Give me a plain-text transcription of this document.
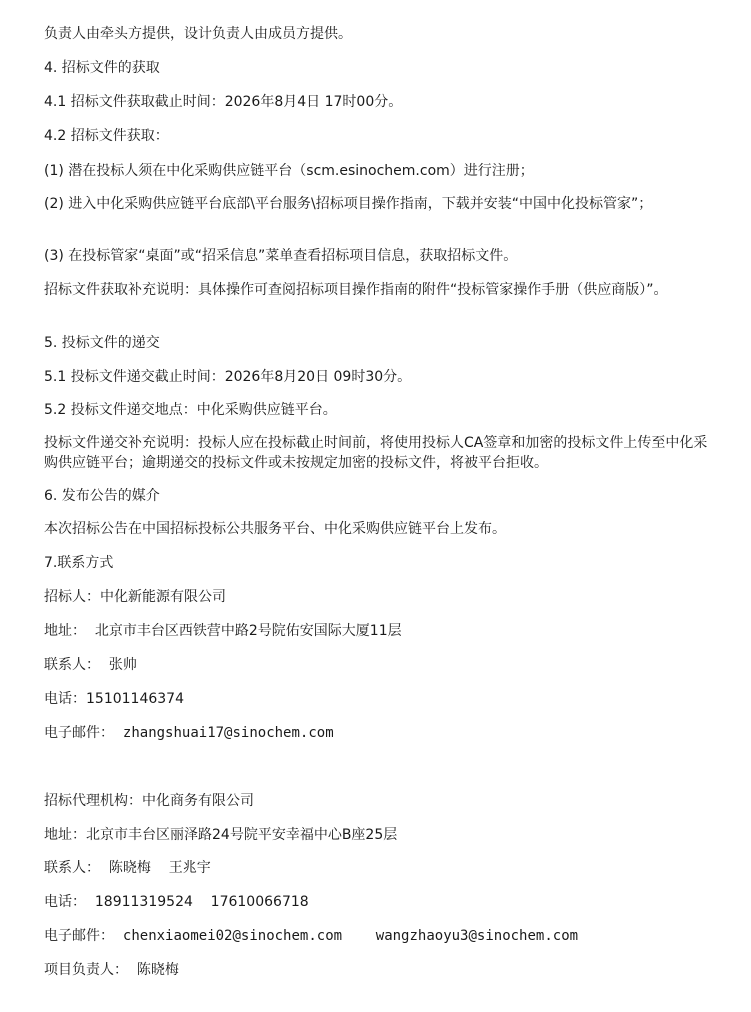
负责人由牵头方提供，设计负责人由成员方提供。
4. 招标文件的获取
4.1 招标文件获取截止时间：2026年8月4日 17时00分。
4.2 招标文件获取：
(1) 潜在投标人须在中化采购供应链平台（scm.esinochem.com）进行注册；
(2) 进入中化采购供应链平台底部\平台服务\招标项目操作指南，下载并安装“中国中化投标管家”；
(3) 在投标管家“桌面”或“招采信息”菜单查看招标项目信息，获取招标文件。
招标文件获取补充说明：具体操作可查阅招标项目操作指南的附件“投标管家操作手册（供应商版）”。
5. 投标文件的递交
5.1 投标文件递交截止时间：2026年8月20日 09时30分。
5.2 投标文件递交地点：中化采购供应链平台。
投标文件递交补充说明：投标人应在投标截止时间前，将使用投标人CA签章和加密的投标文件上传至中化采购供应链平台；逾期递交的投标文件或未按规定加密的投标文件，将被平台拒收。
6. 发布公告的媒介
本次招标公告在中国招标投标公共服务平台、中化采购供应链平台上发布。
7.联系方式
招标人：中化新能源有限公司
地址：  北京市丰台区西铁营中路2号院佑安国际大厦11层
联系人：  张帅
电话：15101146374
电子邮件：  zhangshuai17@sinochem.com
招标代理机构：中化商务有限公司
地址：北京市丰台区丽泽路24号院平安幸福中心B座25层
联系人：  陈晓梅    王兆宇
电话：  18911319524    17610066718
电子邮件：  chenxiaomei02@sinochem.com    wangzhaoyu3@sinochem.com
项目负责人：  陈晓梅
